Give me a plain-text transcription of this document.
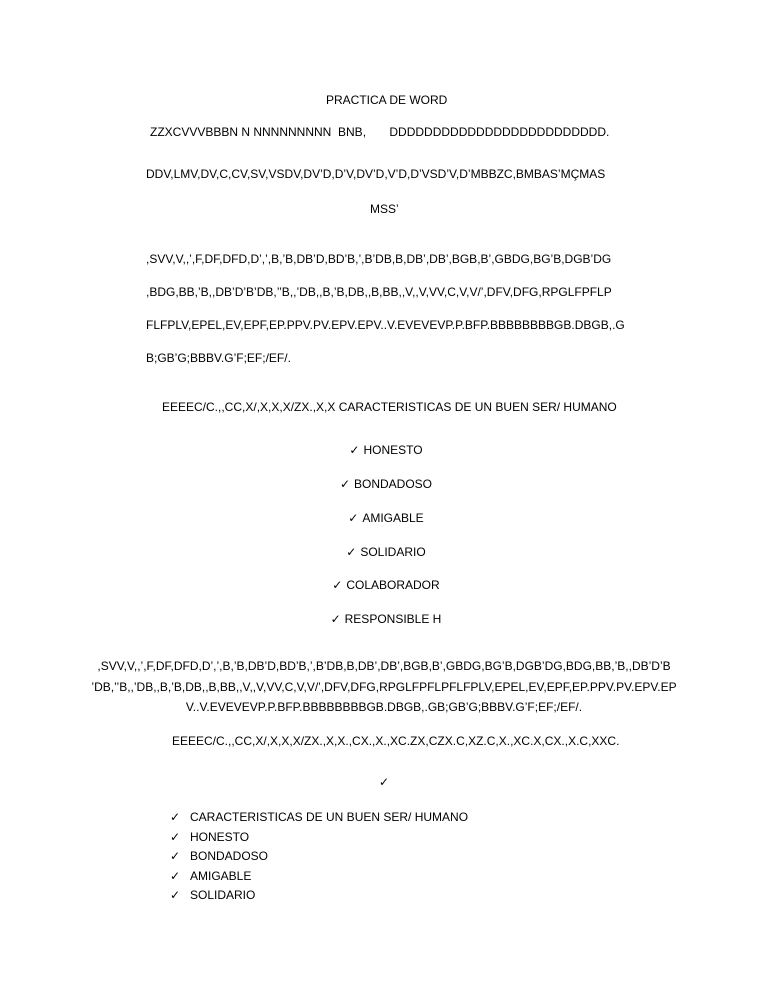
PRACTICA DE WORD
ZZXCVVVBBBN N NNNNNNNNN  BNB,       DDDDDDDDDDDDDDDDDDDDDDDDD.
DDV,LMV,DV,C,CV,SV,VSDV,DV’D,D’V,DV’D,V’D,D’VSD’V,D’MBBZC,BMBAS’MÇMAS
MSS’
,SVV,V,,’,F,DF,DFD,D’,’,B,’B,DB’D,BD’B,’,B’DB,B,DB’,DB’,BGB,B’,GBDG,BG’B,DGB’DG
,BDG,BB,’B,,DB’D’B’DB,’’B,,’DB,,B,’B,DB,,B,BB,,V,,V,VV,C,V,V/’,DFV,DFG,RPGLFPFLP
FLFPLV,EPEL,EV,EPF,EP.PPV.PV.EPV.EPV..V.EVEVEVP.P.BFP.BBBBBBBBGB.DBGB,.G
B;GB’G;BBBV.G’F;EF;/EF/.
EEEEC/C.,,CC,X/,X,X,X/ZX.,X,X CARACTERISTICAS DE UN BUEN SER/ HUMANO
✓ HONESTO
✓ BONDADOSO
✓ AMIGABLE
✓ SOLIDARIO
✓ COLABORADOR
✓ RESPONSIBLE H
,SVV,V,,’,F,DF,DFD,D’,’,B,’B,DB’D,BD’B,’,B’DB,B,DB’,DB’,BGB,B’,GBDG,BG’B,DGB’DG,BDG,BB,’B,,DB’D’B
’DB,’’B,,’DB,,B,’B,DB,,B,BB,,V,,V,VV,C,V,V/’,DFV,DFG,RPGLFPFLPFLFPLV,EPEL,EV,EPF,EP.PPV.PV.EPV.EP
V..V.EVEVEVP.P.BFP.BBBBBBBBGB.DBGB,.GB;GB’G;BBBV.G’F;EF;/EF/.
EEEEC/C.,,CC,X/,X,X,X/ZX.,X,X.,CX.,X.,XC.ZX,CZX.C,XZ.C,X.,XC.X,CX.,X.C,XXC.
✓
✓ CARACTERISTICAS DE UN BUEN SER/ HUMANO
✓ HONESTO
✓ BONDADOSO
✓ AMIGABLE
✓ SOLIDARIO
